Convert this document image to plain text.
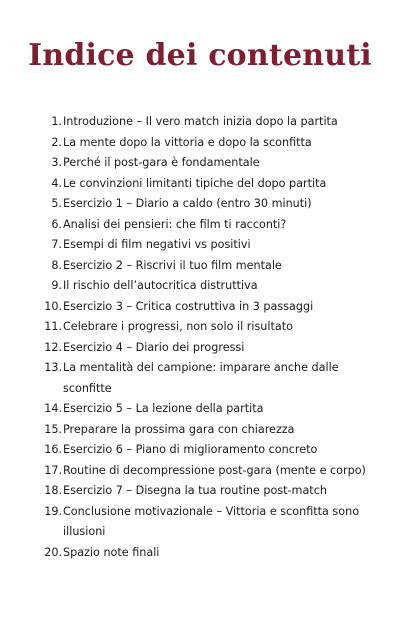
Indice dei contenuti
1. Introduzione – Il vero match inizia dopo la partita
2. La mente dopo la vittoria e dopo la sconfitta
3. Perché il post-gara è fondamentale
4. Le convinzioni limitanti tipiche del dopo partita
5. Esercizio 1 – Diario a caldo (entro 30 minuti)
6. Analisi dei pensieri: che film ti racconti?
7. Esempi di film negativi vs positivi
8. Esercizio 2 – Riscrivi il tuo film mentale
9. Il rischio dell’autocritica distruttiva
10. Esercizio 3 – Critica costruttiva in 3 passaggi
11. Celebrare i progressi, non solo il risultato
12. Esercizio 4 – Diario dei progressi
13. La mentalità del campione: imparare anche dalle sconfitte
14. Esercizio 5 – La lezione della partita
15. Preparare la prossima gara con chiarezza
16. Esercizio 6 – Piano di miglioramento concreto
17. Routine di decompressione post-gara (mente e corpo)
18. Esercizio 7 – Disegna la tua routine post-match
19. Conclusione motivazionale – Vittoria e sconfitta sono illusioni
20. Spazio note finali
